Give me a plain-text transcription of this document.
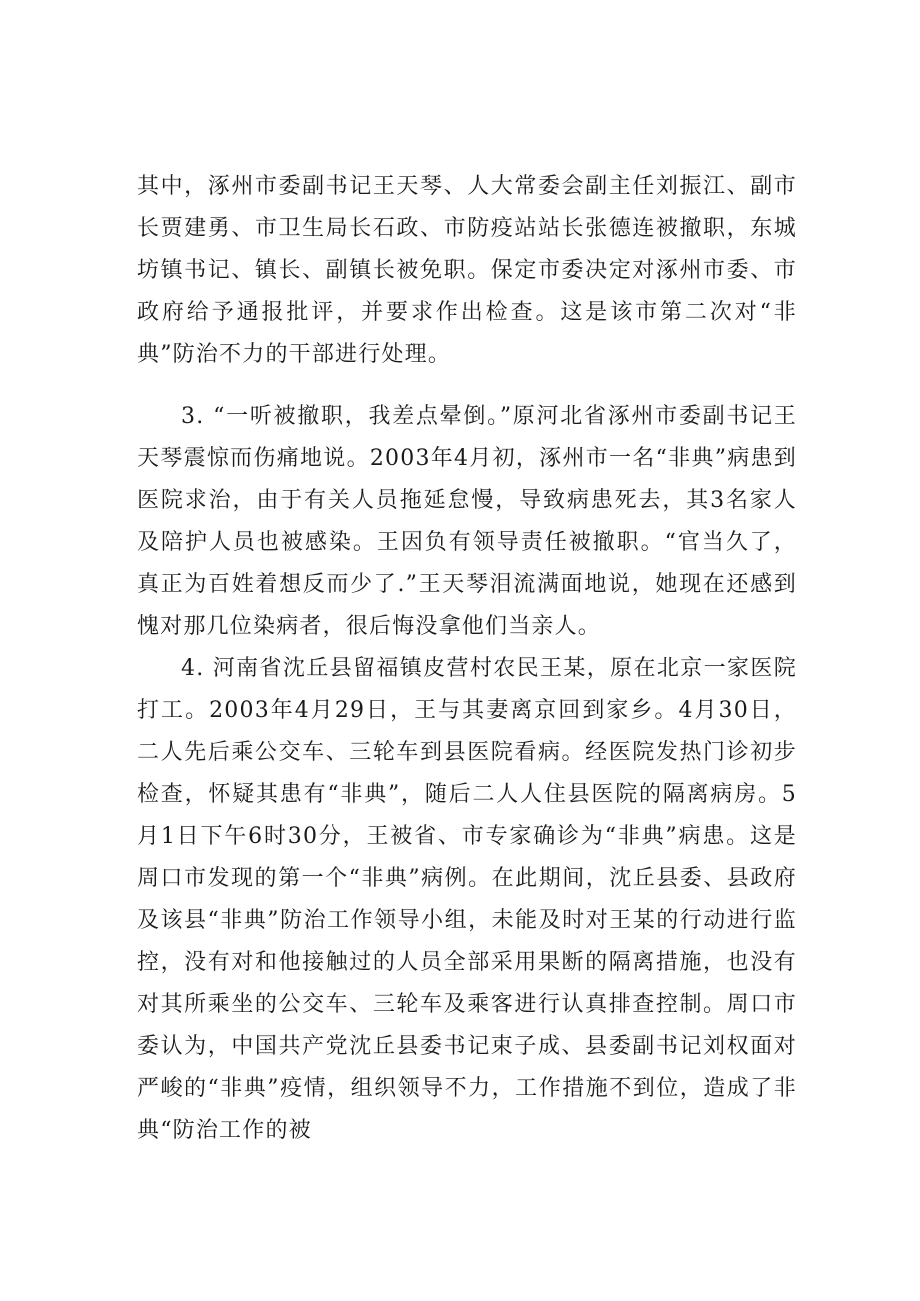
其中，涿州市委副书记王天琴、人大常委会副主任刘振江、副市长贾建勇、市卫生局长石政、市防疫站站长张德连被撤职，东城坊镇书记、镇长、副镇长被免职。保定市委决定对涿州市委、市政府给予通报批评，并要求作出检查。这是该市第二次对“非典”防治不力的干部进行处理。

3. “一听被撤职，我差点晕倒。”原河北省涿州市委副书记王天琴震惊而伤痛地说。2003年4月初，涿州市一名“非典”病患到医院求治，由于有关人员拖延怠慢，导致病患死去，其3名家人及陪护人员也被感染。王因负有领导责任被撤职。“官当久了，真正为百姓着想反而少了.”王天琴泪流满面地说，她现在还感到愧对那几位染病者，很后悔没拿他们当亲人。

4. 河南省沈丘县留福镇皮营村农民王某，原在北京一家医院打工。2003年4月29日，王与其妻离京回到家乡。4月30日，二人先后乘公交车、三轮车到县医院看病。经医院发热门诊初步检查，怀疑其患有“非典”，随后二人人住县医院的隔离病房。5月1日下午6时30分，王被省、市专家确诊为“非典”病患。这是周口市发现的第一个“非典”病例。在此期间，沈丘县委、县政府及该县“非典”防治工作领导小组，未能及时对王某的行动进行监控，没有对和他接触过的人员全部采用果断的隔离措施，也没有对其所乘坐的公交车、三轮车及乘客进行认真排查控制。周口市委认为，中国共产党沈丘县委书记束子成、县委副书记刘权面对严峻的“非典”疫情，组织领导不力，工作措施不到位，造成了非典“防治工作的被
